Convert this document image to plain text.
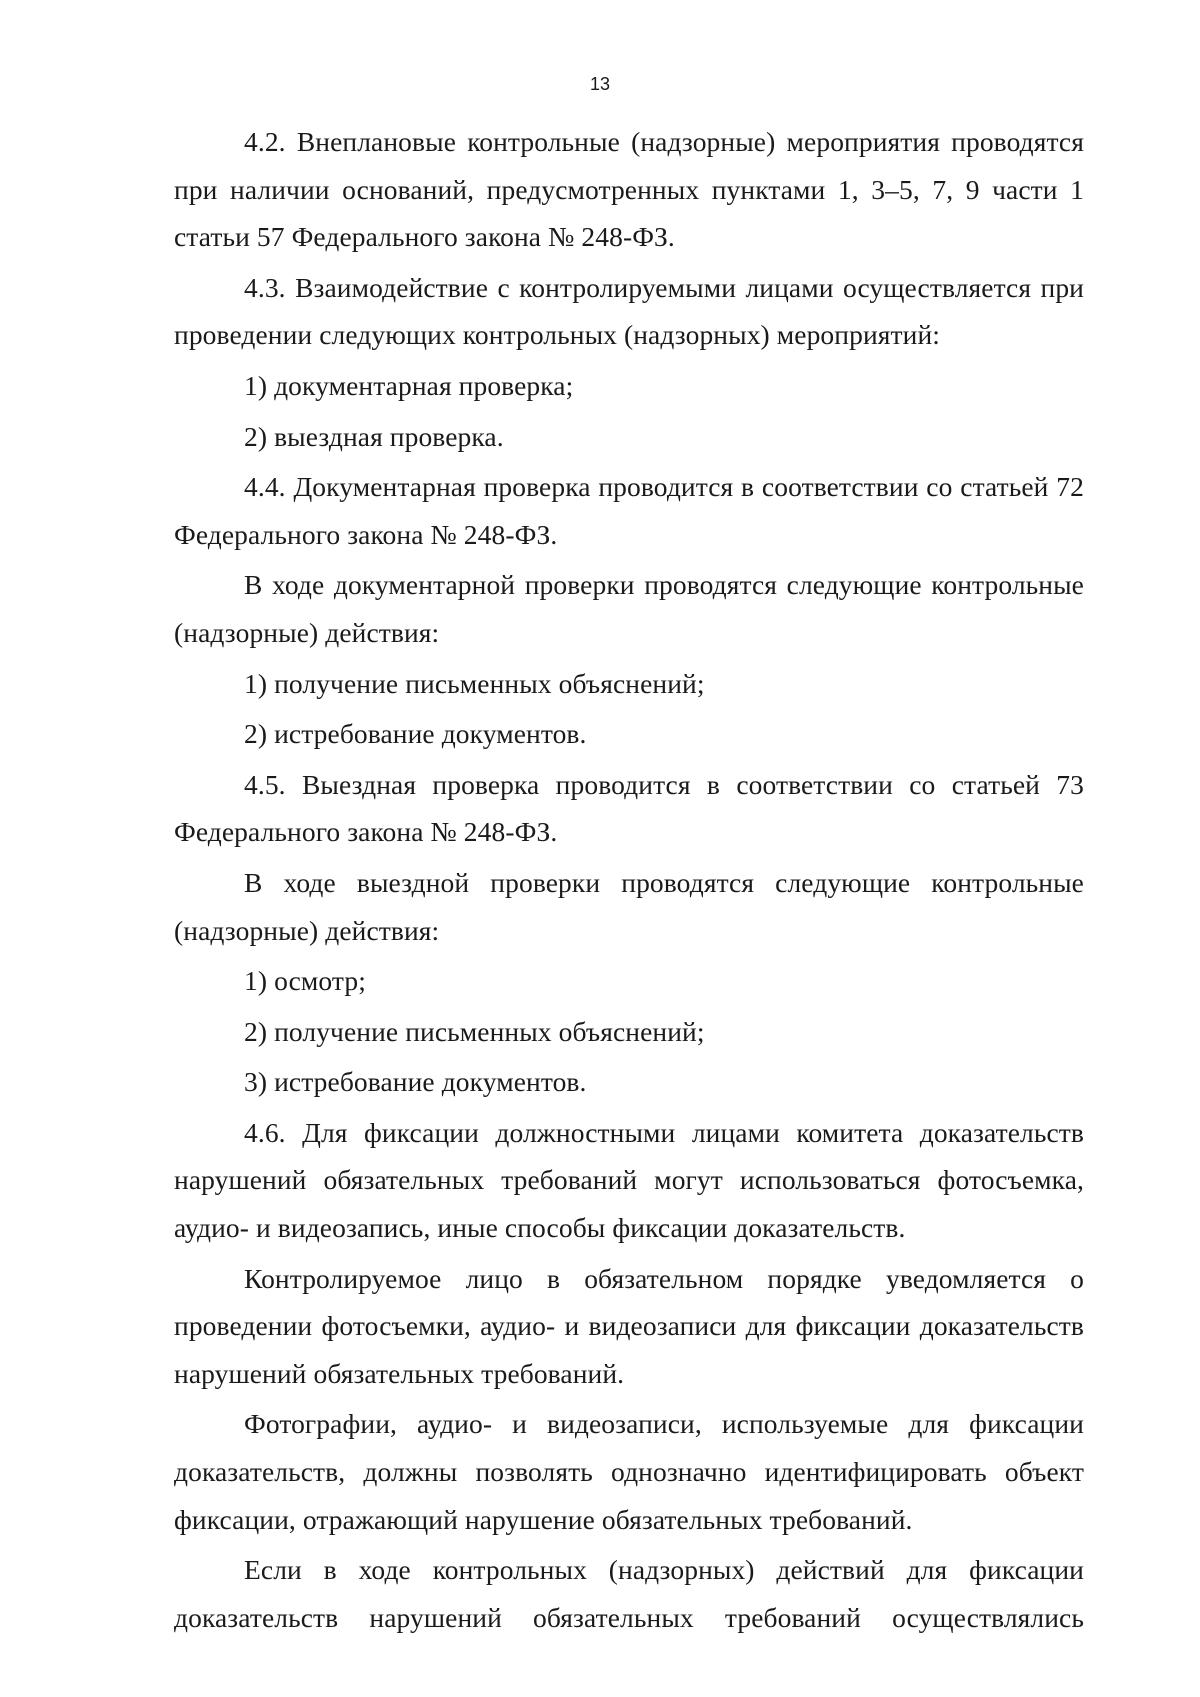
13

4.2. Внеплановые контрольные (надзорные) мероприятия проводятся при наличии оснований, предусмотренных пунктами 1, 3–5, 7, 9 части 1 статьи 57 Федерального закона № 248-ФЗ.

4.3. Взаимодействие с контролируемыми лицами осуществляется при проведении следующих контрольных (надзорных) мероприятий:

1) документарная проверка;

2) выездная проверка.

4.4. Документарная проверка проводится в соответствии со статьей 72 Федерального закона № 248-ФЗ.

В ходе документарной проверки проводятся следующие контрольные (надзорные) действия:

1) получение письменных объяснений;

2) истребование документов.

4.5. Выездная проверка проводится в соответствии со статьей 73 Федерального закона № 248-ФЗ.

В ходе выездной проверки проводятся следующие контрольные (надзорные) действия:

1) осмотр;

2) получение письменных объяснений;

3) истребование документов.

4.6. Для фиксации должностными лицами комитета доказательств нарушений обязательных требований могут использоваться фотосъемка, аудио- и видеозапись, иные способы фиксации доказательств.

Контролируемое лицо в обязательном порядке уведомляется о проведении фотосъемки, аудио- и видеозаписи для фиксации доказательств нарушений обязательных требований.

Фотографии, аудио- и видеозаписи, используемые для фиксации доказательств, должны позволять однозначно идентифицировать объект фиксации, отражающий нарушение обязательных требований.

Если в ходе контрольных (надзорных) действий для фиксации доказательств нарушений обязательных требований осуществлялись
